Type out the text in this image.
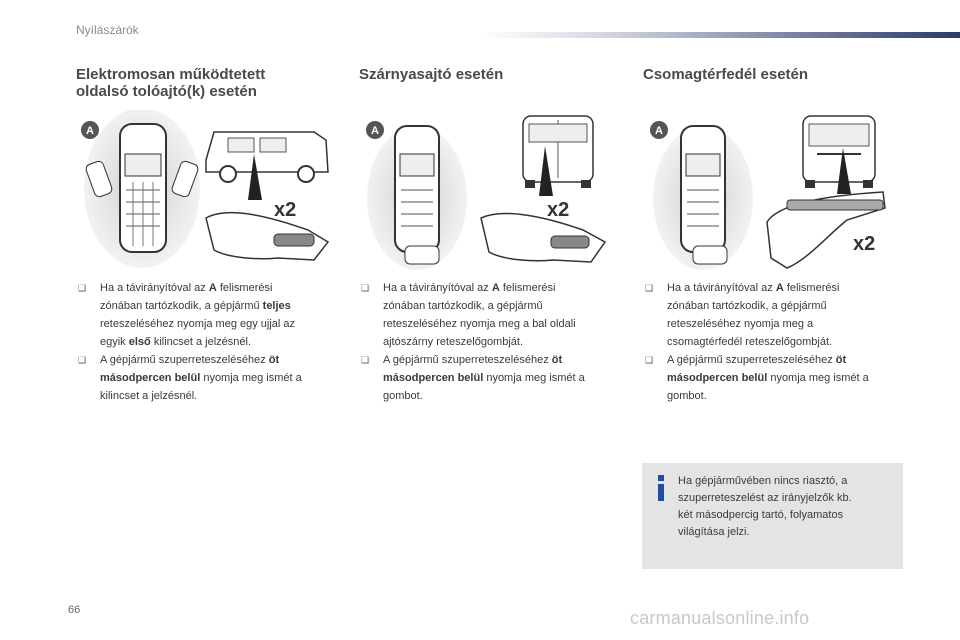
Nyílászárók
Elektromosan működtetett
oldalsó tolóajtó(k) esetén
A
x2
❑ Ha a távirányítóval az A felismerési
zónában tartózkodik, a gépjármű teljes
reteszeléséhez nyomja meg egy ujjal az
egyik első kilincset a jelzésnél.
❑ A gépjármű szuperreteszeléséhez öt
másodpercen belül nyomja meg ismét a
kilincset a jelzésnél.
Szárnyasajtó esetén
A
x2
❑ Ha a távirányítóval az A felismerési
zónában tartózkodik, a gépjármű
reteszeléséhez nyomja meg a bal oldali
ajtószárny reteszelőgombját.
❑ A gépjármű szuperreteszeléséhez öt
másodpercen belül nyomja meg ismét a
gombot.
Csomagtérfedél esetén
A
x2
❑ Ha a távirányítóval az A felismerési
zónában tartózkodik, a gépjármű
reteszeléséhez nyomja meg a
csomagtérfedél reteszelőgombját.
❑ A gépjármű szuperreteszeléséhez öt
másodpercen belül nyomja meg ismét a
gombot.
Ha gépjárművében nincs riasztó, a
szuperreteszelést az irányjelzők kb.
két másodpercig tartó, folyamatos
világítása jelzi.
66	carmanualsonline.info
